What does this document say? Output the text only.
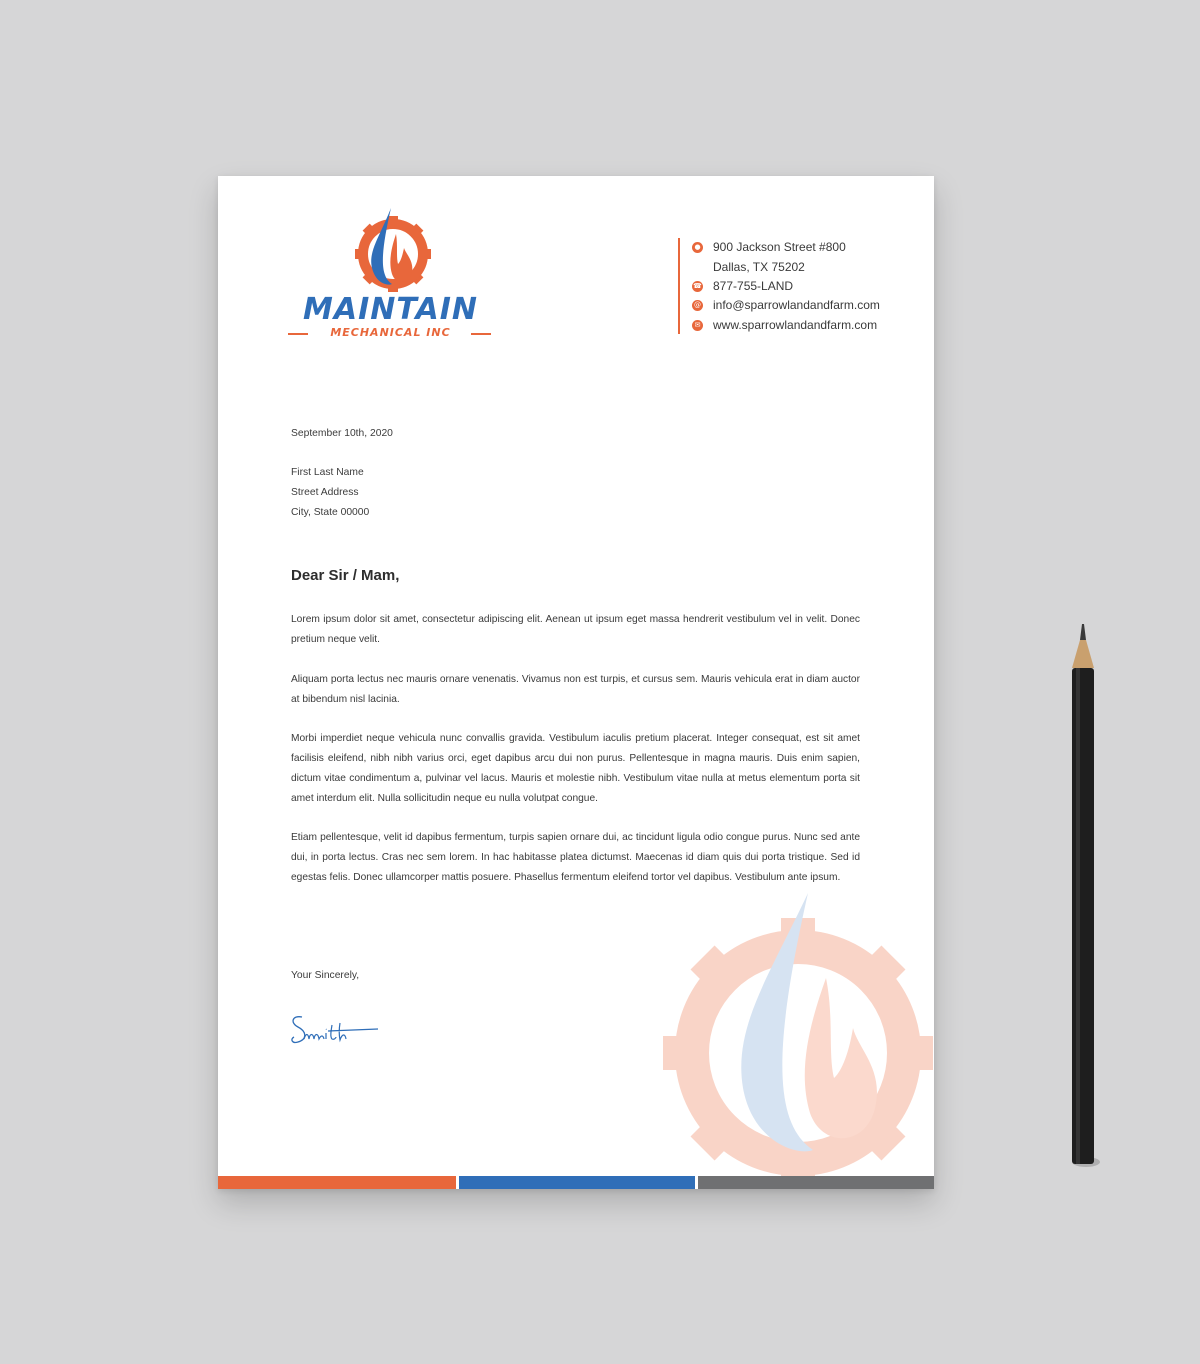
MAINTAIN
MECHANICAL INC
● 900 Jackson Street #800
Dallas, TX 75202
☎ 877-755-LAND
@ info@sparrowlandandfarm.com
✉ www.sparrowlandandfarm.com
September 10th, 2020
First Last Name
Street Address
City, State 00000
Dear Sir / Mam,

Lorem ipsum dolor sit amet, consectetur adipiscing elit. Aenean ut ipsum eget massa hendrerit vestibulum vel in velit. Donec pretium neque velit.

Aliquam porta lectus nec mauris ornare venenatis. Vivamus non est turpis, et cursus sem. Mauris vehicula erat in diam auctor at bibendum nisl lacinia.

Morbi imperdiet neque vehicula nunc convallis gravida. Vestibulum iaculis pretium placerat. Integer consequat, est sit amet facilisis eleifend, nibh nibh varius orci, eget dapibus arcu dui non purus. Pellentesque in magna mauris. Duis enim sapien, dictum vitae condimentum a, pulvinar vel lacus. Mauris et molestie nibh. Vestibulum vitae nulla at metus elementum porta sit amet interdum elit. Nulla sollicitudin neque eu nulla volutpat congue.

Etiam pellentesque, velit id dapibus fermentum, turpis sapien ornare dui, ac tincidunt ligula odio congue purus. Nunc sed ante dui, in porta lectus. Cras nec sem lorem. In hac habitasse platea dictumst. Maecenas id diam quis dui porta tristique. Sed id egestas felis. Donec ullamcorper mattis posuere. Phasellus fermentum eleifend tortor vel dapibus. Vestibulum ante ipsum.

Your Sincerely,
